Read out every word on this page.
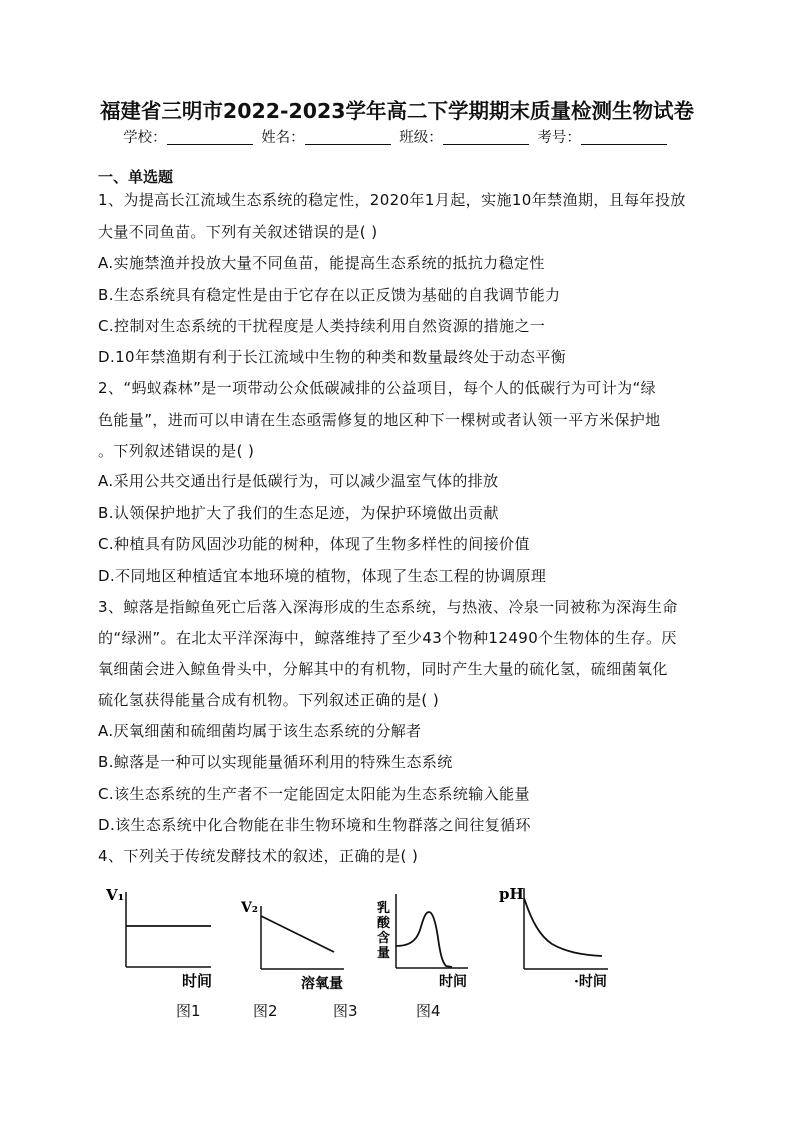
福建省三明市2022-2023学年高二下学期期末质量检测生物试卷
学校：	姓名：	班级：	考号：
一、单选题
1、为提高长江流域生态系统的稳定性，2020年1月起，实施10年禁渔期，且每年投放
大量不同鱼苗。下列有关叙述错误的是( )
A.实施禁渔并投放大量不同鱼苗，能提高生态系统的抵抗力稳定性
B.生态系统具有稳定性是由于它存在以正反馈为基础的自我调节能力
C.控制对生态系统的干扰程度是人类持续利用自然资源的措施之一
D.10年禁渔期有利于长江流域中生物的种类和数量最终处于动态平衡
2、“蚂蚁森林”是一项带动公众低碳减排的公益项目，每个人的低碳行为可计为“绿
色能量”，进而可以申请在生态亟需修复的地区种下一棵树或者认领一平方米保护地
。下列叙述错误的是( )
A.采用公共交通出行是低碳行为，可以减少温室气体的排放
B.认领保护地扩大了我们的生态足迹，为保护环境做出贡献
C.种植具有防风固沙功能的树种，体现了生物多样性的间接价值
D.不同地区种植适宜本地环境的植物，体现了生态工程的协调原理
3、鲸落是指鲸鱼死亡后落入深海形成的生态系统，与热液、冷泉一同被称为深海生命
的“绿洲”。在北太平洋深海中，鲸落维持了至少43个物种12490个生物体的生存。厌
氧细菌会进入鲸鱼骨头中，分解其中的有机物，同时产生大量的硫化氢，硫细菌氧化
硫化氢获得能量合成有机物。下列叙述正确的是( )
A.厌氧细菌和硫细菌均属于该生态系统的分解者
B.鲸落是一种可以实现能量循环利用的特殊生态系统
C.该生态系统的生产者不一定能固定太阳能为生态系统输入能量
D.该生态系统中化合物能在非生物环境和生物群落之间往复循环
4、下列关于传统发酵技术的叙述，正确的是( )
V₁
时间
V₂
溶氧量
乳
酸
含
量
时间
pH
·时间
图1	图2	图3	图4
